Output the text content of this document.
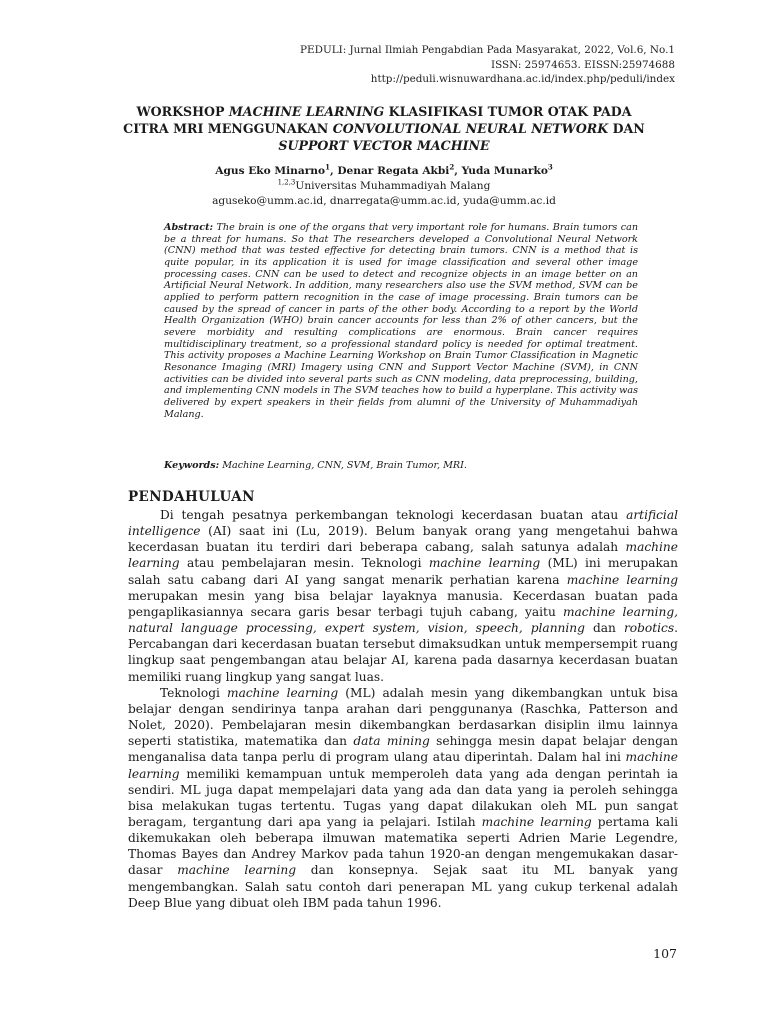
PEDULI: Jurnal Ilmiah Pengabdian Pada Masyarakat, 2022, Vol.6, No.1
ISSN: 25974653. EISSN:25974688
http://peduli.wisnuwardhana.ac.id/index.php/peduli/index
WORKSHOP MACHINE LEARNING KLASIFIKASI TUMOR OTAK PADA CITRA MRI MENGGUNAKAN CONVOLUTIONAL NEURAL NETWORK DAN
SUPPORT VECTOR MACHINE
Agus Eko Minarno$^1$, Denar Regata Akbi$^2$, Yuda Munarko$^3$
$^{1,2,3}$Universitas Muhammadiyah Malang
aguseko@umm.ac.id, dnarregata@umm.ac.id, yuda@umm.ac.id
Abstract: The brain is one of the organs that very important role for humans. Brain tumors can be a threat for humans. So that The researchers developed a Convolutional Neural Network (CNN) method that was tested effective for detecting brain tumors. CNN is a method that is quite popular, in its application it is used for image classification and several other image processing cases. CNN can be used to detect and recognize objects in an image better on an Artificial Neural Network. In addition, many researchers also use the SVM method, SVM can be applied to perform pattern recognition in the case of image processing. Brain tumors can be caused by the spread of cancer in parts of the other body. According to a report by the World Health Organization (WHO) brain cancer accounts for less than 2% of other cancers, but the severe morbidity and resulting complications are enormous. Brain cancer requires multidisciplinary treatment, so a professional standard policy is needed for optimal treatment. This activity proposes a Machine Learning Workshop on Brain Tumor Classification in Magnetic Resonance Imaging (MRI) Imagery using CNN and Support Vector Machine (SVM), in CNN activities can be divided into several parts such as CNN modeling, data preprocessing, building, and implementing CNN models in The SVM teaches how to build a hyperplane. This activity was delivered by expert speakers in their fields from alumni of the University of Muhammadiyah Malang.
Keywords: Machine Learning, CNN, SVM, Brain Tumor, MRI.
PENDAHULUAN

Di tengah pesatnya perkembangan teknologi kecerdasan buatan atau artificial intelligence (AI) saat ini (Lu, 2019). Belum banyak orang yang mengetahui bahwa kecerdasan buatan itu terdiri dari beberapa cabang, salah satunya adalah machine learning atau pembelajaran mesin. Teknologi machine learning (ML) ini merupakan salah satu cabang dari AI yang sangat menarik perhatian karena machine learning merupakan mesin yang bisa belajar layaknya manusia. Kecerdasan buatan pada pengaplikasiannya secara garis besar terbagi tujuh cabang, yaitu machine learning, natural language processing, expert system, vision, speech, planning dan robotics. Percabangan dari kecerdasan buatan tersebut dimaksudkan untuk mempersempit ruang lingkup saat pengembangan atau belajar AI, karena pada dasarnya kecerdasan buatan memiliki ruang lingkup yang sangat luas.

Teknologi machine learning (ML) adalah mesin yang dikembangkan untuk bisa belajar dengan sendirinya tanpa arahan dari penggunanya (Raschka, Patterson and Nolet, 2020). Pembelajaran mesin dikembangkan berdasarkan disiplin ilmu lainnya seperti statistika, matematika dan data mining sehingga mesin dapat belajar dengan menganalisa data tanpa perlu di program ulang atau diperintah. Dalam hal ini machine learning memiliki kemampuan untuk memperoleh data yang ada dengan perintah ia sendiri. ML juga dapat mempelajari data yang ada dan data yang ia peroleh sehingga bisa melakukan tugas tertentu. Tugas yang dapat dilakukan oleh ML pun sangat beragam, tergantung dari apa yang ia pelajari. Istilah machine learning pertama kali dikemukakan oleh beberapa ilmuwan matematika seperti Adrien Marie Legendre, Thomas Bayes dan Andrey Markov pada tahun 1920-an dengan mengemukakan dasar-dasar machine learning dan konsepnya. Sejak saat itu ML banyak yang mengembangkan. Salah satu contoh dari penerapan ML yang cukup terkenal adalah Deep Blue yang dibuat oleh IBM pada tahun 1996.

107
